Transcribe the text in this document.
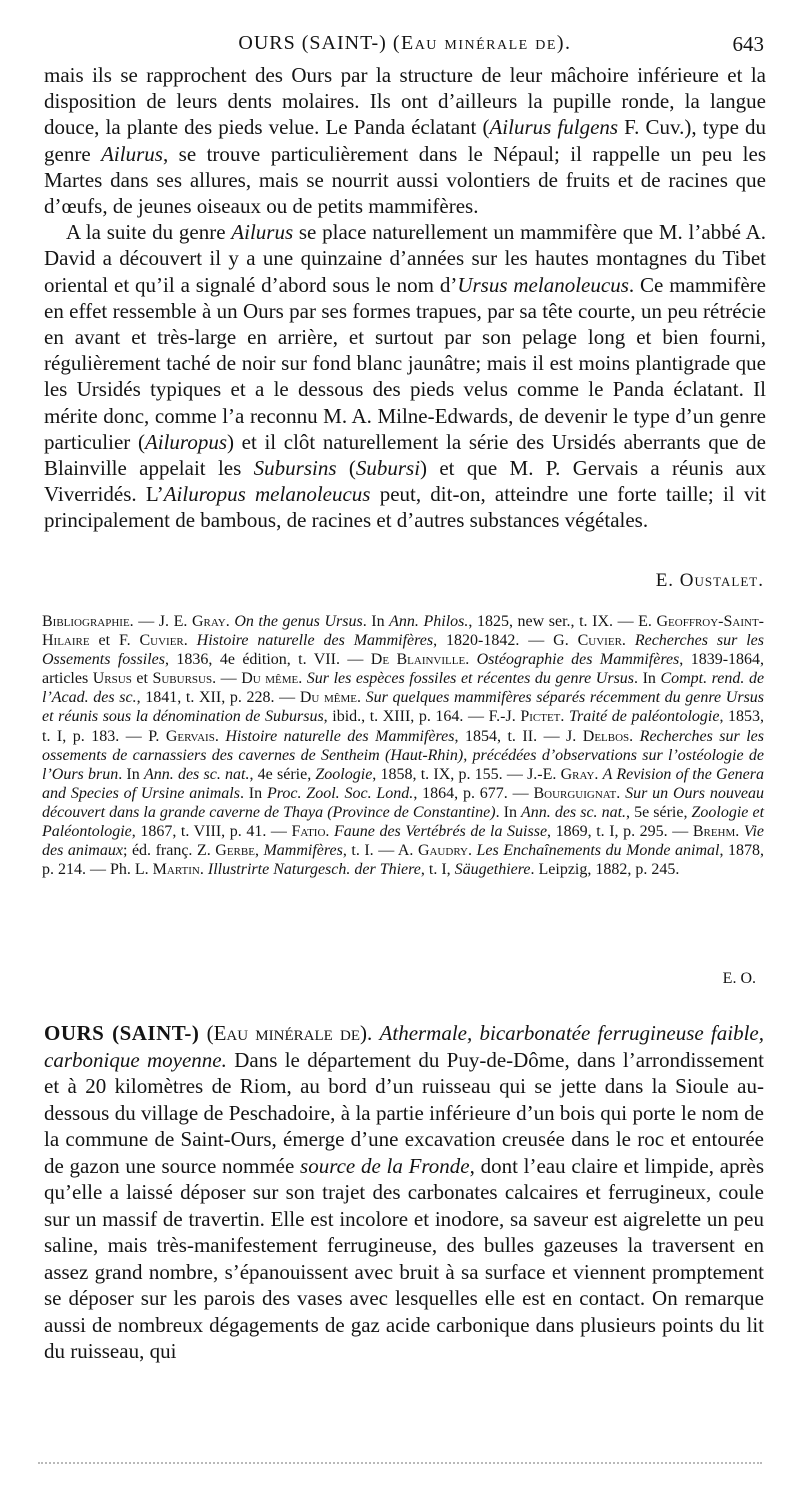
OURS (SAINT-) (Eau minérale de).	643

mais ils se rapprochent des Ours par la structure de leur mâchoire inférieure et la disposition de leurs dents molaires. Ils ont d’ailleurs la pupille ronde, la langue douce, la plante des pieds velue. Le Panda éclatant (Ailurus fulgens F. Cuv.), type du genre Ailurus, se trouve particulièrement dans le Népaul; il rappelle un peu les Martes dans ses allures, mais se nourrit aussi volontiers de fruits et de racines que d’œufs, de jeunes oiseaux ou de petits mammifères.

A la suite du genre Ailurus se place naturellement un mammifère que M. l’abbé A. David a découvert il y a une quinzaine d’années sur les hautes montagnes du Tibet oriental et qu’il a signalé d’abord sous le nom d’Ursus melanoleucus. Ce mammifère en effet ressemble à un Ours par ses formes trapues, par sa tête courte, un peu rétrécie en avant et très-large en arrière, et surtout par son pelage long et bien fourni, régulièrement taché de noir sur fond blanc jaunâtre; mais il est moins plantigrade que les Ursidés typiques et a le dessous des pieds velus comme le Panda éclatant. Il mérite donc, comme l’a reconnu M. A. Milne-Edwards, de devenir le type d’un genre particulier (Ailuropus) et il clôt naturellement la série des Ursidés aberrants que de Blainville appelait les Subursins (Subursi) et que M. P. Gervais a réunis aux Viverridés. L’Ailuropus melanoleucus peut, dit-on, atteindre une forte taille; il vit principalement de bambous, de racines et d’autres substances végétales.

E. Oustalet.
Bibliographie. — J. E. Gray. On the genus Ursus. In Ann. Philos., 1825, new ser., t. IX. — E. Geoffroy-Saint-Hilaire et F. Cuvier. Histoire naturelle des Mammifères, 1820-1842. — G. Cuvier. Recherches sur les Ossements fossiles, 1836, 4e édition, t. VII. — De Blainville. Ostéographie des Mammifères, 1839-1864, articles Ursus et Subursus. — Du même. Sur les espèces fossiles et récentes du genre Ursus. In Compt. rend. de l’Acad. des sc., 1841, t. XII, p. 228. — Du même. Sur quelques mammifères séparés récemment du genre Ursus et réunis sous la dénomination de Subursus, ibid., t. XIII, p. 164. — F.-J. Pictet. Traité de paléontologie, 1853, t. I, p. 183. — P. Gervais. Histoire naturelle des Mammifères, 1854, t. II. — J. Delbos. Recherches sur les ossements de carnassiers des cavernes de Sentheim (Haut-Rhin), précédées d’observations sur l’ostéologie de l’Ours brun. In Ann. des sc. nat., 4e série, Zoologie, 1858, t. IX, p. 155. — J.-E. Gray. A Revision of the Genera and Species of Ursine animals. In Proc. Zool. Soc. Lond., 1864, p. 677. — Bourguignat. Sur un Ours nouveau découvert dans la grande caverne de Thaya (Province de Constantine). In Ann. des sc. nat., 5e série, Zoologie et Paléontologie, 1867, t. VIII, p. 41. — Fatio. Faune des Vertébrés de la Suisse, 1869, t. I, p. 295. — Brehm. Vie des animaux; éd. franç. Z. Gerbe, Mammifères, t. I. — A. Gaudry. Les Enchaînements du Monde animal, 1878, p. 214. — Ph. L. Martin. Illustrirte Naturgesch. der Thiere, t. I, Säugethiere. Leipzig, 1882, p. 245.
E. O.

OURS (SAINT-) (Eau minérale de). Athermale, bicarbonatée ferrugineuse faible, carbonique moyenne. Dans le département du Puy-de-Dôme, dans l’arrondissement et à 20 kilomètres de Riom, au bord d’un ruisseau qui se jette dans la Sioule au-dessous du village de Peschadoire, à la partie inférieure d’un bois qui porte le nom de la commune de Saint-Ours, émerge d’une excavation creusée dans le roc et entourée de gazon une source nommée source de la Fronde, dont l’eau claire et limpide, après qu’elle a laissé déposer sur son trajet des carbonates calcaires et ferrugineux, coule sur un massif de travertin. Elle est incolore et inodore, sa saveur est aigrelette un peu saline, mais très-manifestement ferrugineuse, des bulles gazeuses la traversent en assez grand nombre, s’épanouissent avec bruit à sa surface et viennent promptement se déposer sur les parois des vases avec lesquelles elle est en contact. On remarque aussi de nombreux dégagements de gaz acide carbonique dans plusieurs points du lit du ruisseau, qui
